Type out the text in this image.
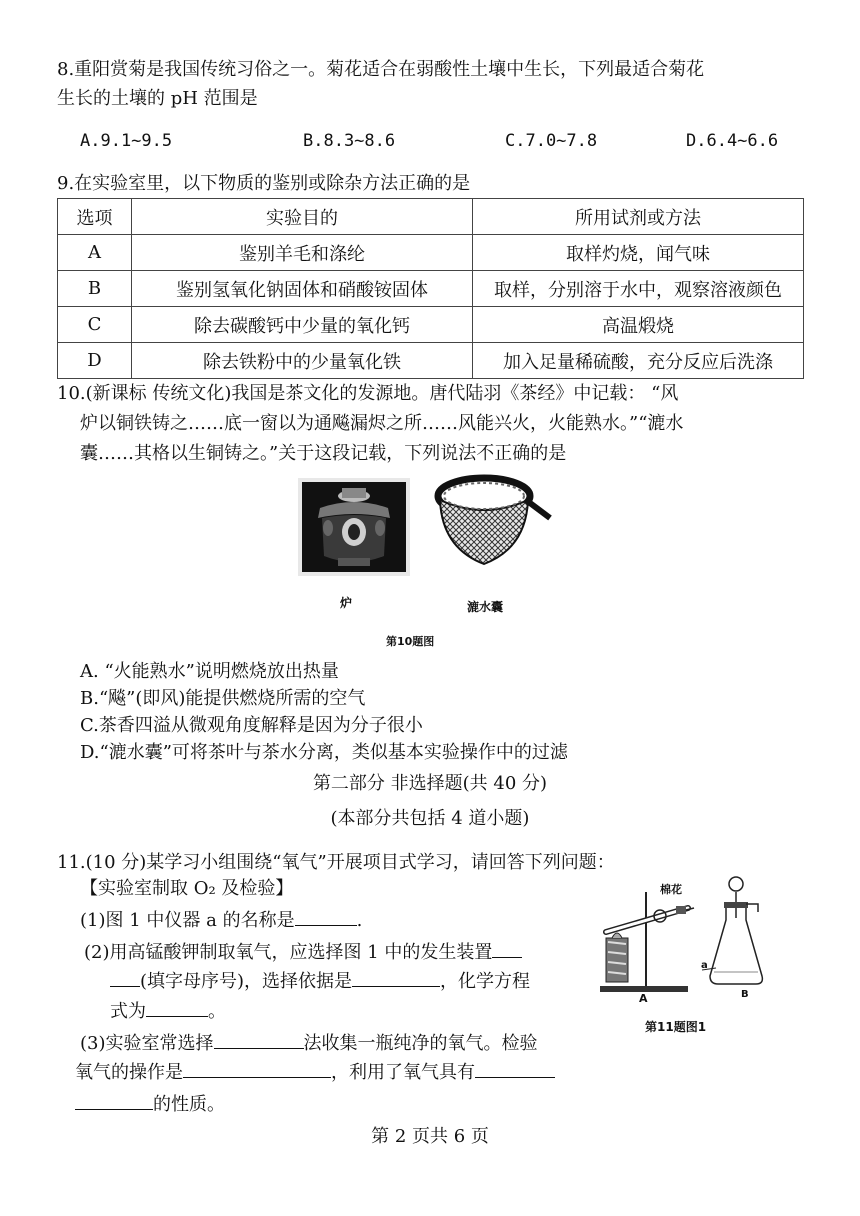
8.重阳赏菊是我国传统习俗之一。菊花适合在弱酸性土壤中生长，下列最适合菊花
生长的土壤的 pH 范围是
A.9.1~9.5	B.8.3~8.6	C.7.0~7.8	D.6.4~6.6
9.在实验室里，以下物质的鉴别或除杂方法正确的是
选项	实验目的	所用试剂或方法
A	鉴别羊毛和涤纶	取样灼烧，闻气味
B	鉴别氢氧化钠固体和硝酸铵固体	取样，分别溶于水中，观察溶液颜色
C	除去碳酸钙中少量的氧化钙	高温煅烧
D	除去铁粉中的少量氧化铁	加入足量稀硫酸，充分反应后洗涤
10.(新课标 传统文化)我国是茶文化的发源地。唐代陆羽《茶经》中记载： “风
炉以铜铁铸之……底一窗以为通飚漏烬之所……风能兴火，火能熟水。”“漉水
囊……其格以生铜铸之。”关于这段记载，下列说法不正确的是
炉	漉水囊
第10题图
A. “火能熟水”说明燃烧放出热量
B.“飚”(即风)能提供燃烧所需的空气
C.茶香四溢从微观角度解释是因为分子很小
D.“漉水囊”可将茶叶与茶水分离，类似基本实验操作中的过滤
第二部分 非选择题(共 40 分)
(本部分共包括 4 道小题)
11.(10 分)某学习小组围绕“氧气”开展项目式学习，请回答下列问题：
【实验室制取 O₂ 及检验】
(1)图 1 中仪器 a 的名称是	.
(2)用高锰酸钾制取氧气，应选择图 1 中的发生装置
(填字母序号)，选择依据是	，化学方程
式为	。
(3)实验室常选择	法收集一瓶纯净的氧气。检验
氧气的操作是	，利用了氧气具有
的性质。
棉花
a
A	B
第11题图1
第 2 页共 6 页
